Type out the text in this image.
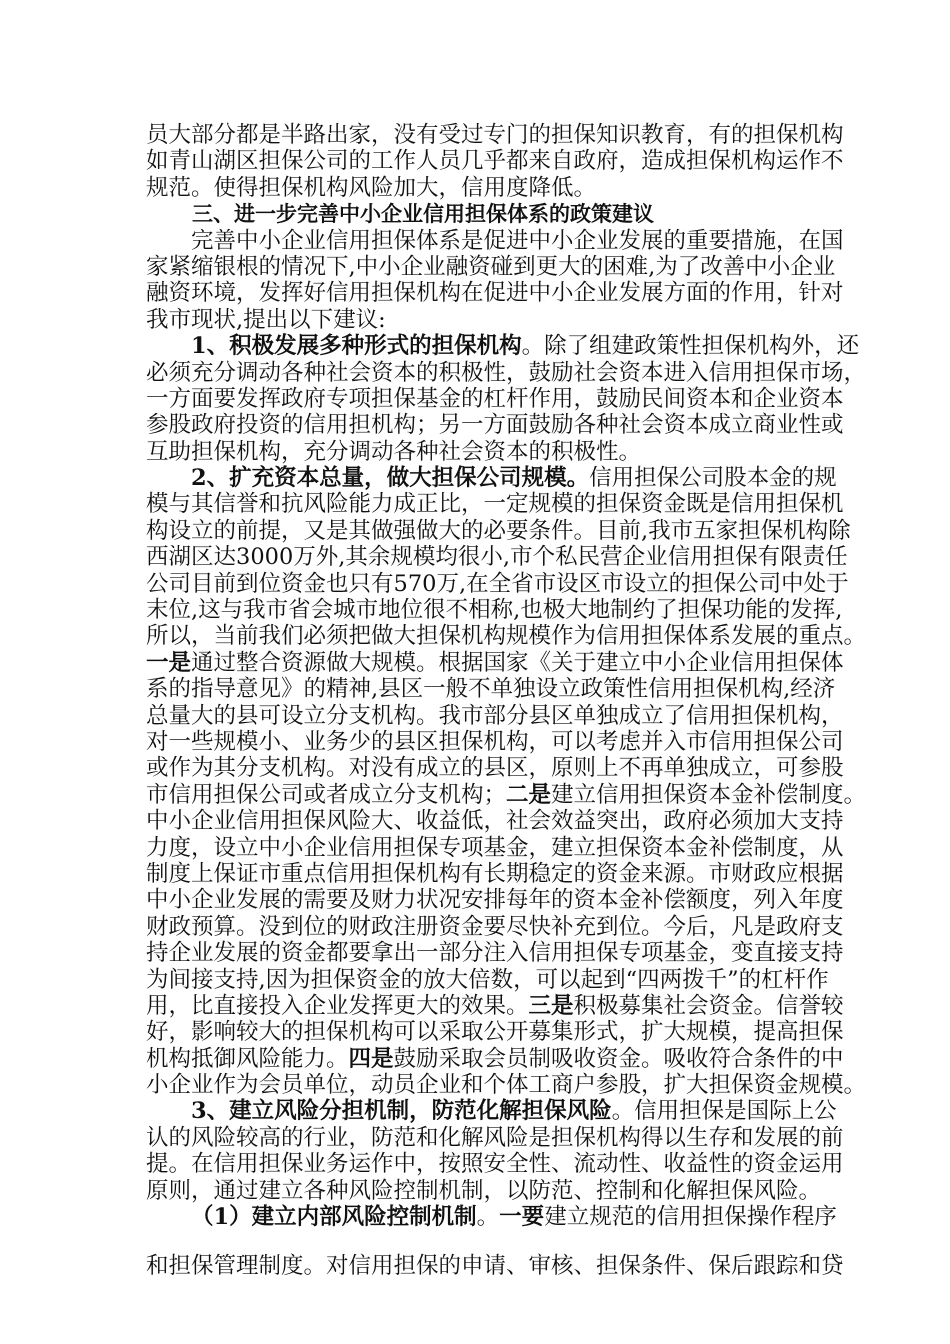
员大部分都是半路出家，没有受过专门的担保知识教育，有的担保机构
如青山湖区担保公司的工作人员几乎都来自政府，造成担保机构运作不
规范。使得担保机构风险加大，信用度降低。
三、进一步完善中小企业信用担保体系的政策建议
完善中小企业信用担保体系是促进中小企业发展的重要措施，在国
家紧缩银根的情况下,中小企业融资碰到更大的困难,为了改善中小企业
融资环境，发挥好信用担保机构在促进中小企业发展方面的作用，针对
我市现状,提出以下建议:
1、积极发展多种形式的担保机构。除了组建政策性担保机构外，还
必须充分调动各种社会资本的积极性，鼓励社会资本进入信用担保市场，
一方面要发挥政府专项担保基金的杠杆作用，鼓励民间资本和企业资本
参股政府投资的信用担机构；另一方面鼓励各种社会资本成立商业性或
互助担保机构，充分调动各种社会资本的积极性。
2、扩充资本总量，做大担保公司规模。信用担保公司股本金的规
模与其信誉和抗风险能力成正比，一定规模的担保资金既是信用担保机
构设立的前提，又是其做强做大的必要条件。目前,我市五家担保机构除
西湖区达3000万外,其余规模均很小,市个私民营企业信用担保有限责任
公司目前到位资金也只有570万,在全省市设区市设立的担保公司中处于
末位,这与我市省会城市地位很不相称,也极大地制约了担保功能的发挥,
所以，当前我们必须把做大担保机构规模作为信用担保体系发展的重点。
一是通过整合资源做大规模。根据国家《关于建立中小企业信用担保体
系的指导意见》的精神,县区一般不单独设立政策性信用担保机构,经济
总量大的县可设立分支机构。我市部分县区单独成立了信用担保机构，
对一些规模小、业务少的县区担保机构，可以考虑并入市信用担保公司
或作为其分支机构。对没有成立的县区，原则上不再单独成立，可参股
市信用担保公司或者成立分支机构；二是建立信用担保资本金补偿制度。
中小企业信用担保风险大、收益低，社会效益突出，政府必须加大支持
力度，设立中小企业信用担保专项基金，建立担保资本金补偿制度，从
制度上保证市重点信用担保机构有长期稳定的资金来源。市财政应根据
中小企业发展的需要及财力状况安排每年的资本金补偿额度，列入年度
财政预算。没到位的财政注册资金要尽快补充到位。今后，凡是政府支
持企业发展的资金都要拿出一部分注入信用担保专项基金，变直接支持
为间接支持,因为担保资金的放大倍数，可以起到“四两拨千”的杠杆作
用，比直接投入企业发挥更大的效果。三是积极募集社会资金。信誉较
好，影响较大的担保机构可以采取公开募集形式，扩大规模，提高担保
机构抵御风险能力。四是鼓励采取会员制吸收资金。吸收符合条件的中
小企业作为会员单位，动员企业和个体工商户参股，扩大担保资金规模。
3、建立风险分担机制，防范化解担保风险。信用担保是国际上公
认的风险较高的行业，防范和化解风险是担保机构得以生存和发展的前
提。在信用担保业务运作中，按照安全性、流动性、收益性的资金运用
原则，通过建立各种风险控制机制，以防范、控制和化解担保风险。
（1）建立内部风险控制机制。一要建立规范的信用担保操作程序
和担保管理制度。对信用担保的申请、审核、担保条件、保后跟踪和贷
